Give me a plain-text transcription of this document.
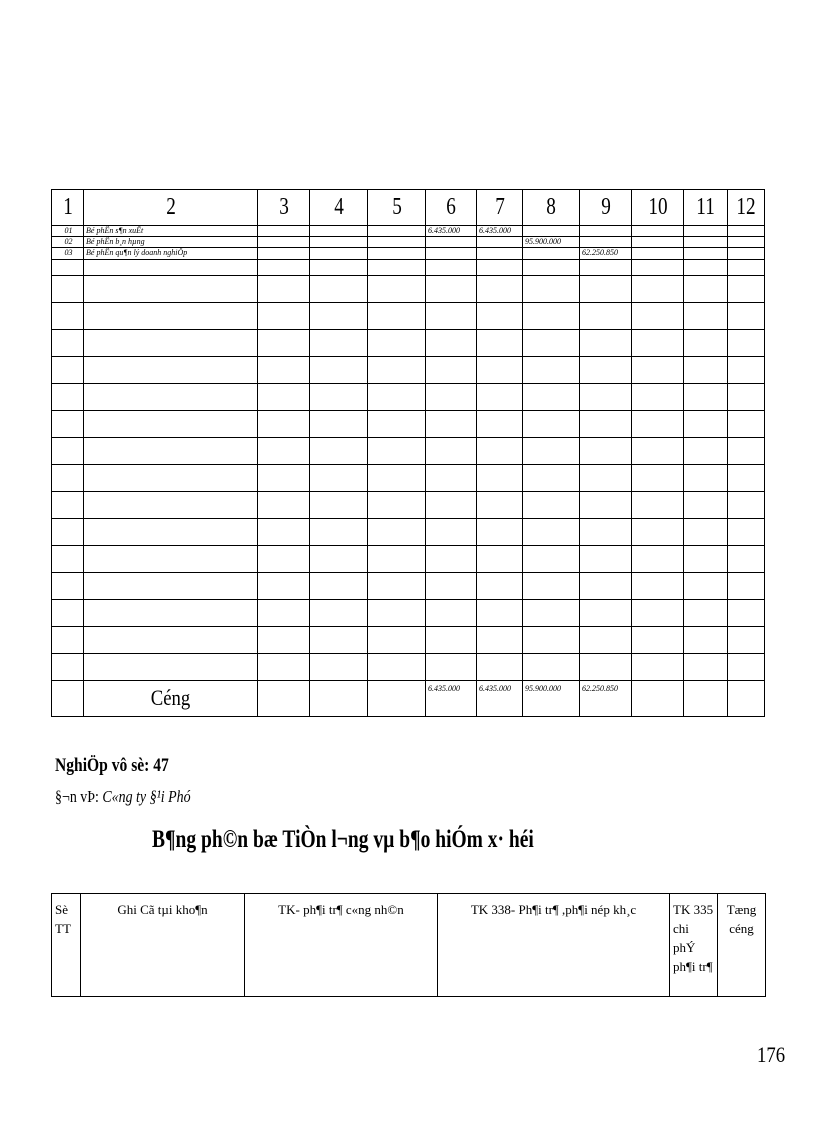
1	2	3	4	5	6	7	8	9	10	11	12

01	Bé phËn s¶n xuÊt				6.435.000	6.435.000					

02	Bé phËn b¸n hµng						95.900.000				

03	Bé phËn qu¶n lý doanh nghiÖp							62.250.850			

	Céng				6.435.000	6.435.000	95.900.000	62.250.850			

NghiÖp vô sè: 47
§¬n vÞ: C«ng ty §¹i Phó
B¶ng ph©n bæ TiÒn l¬ng vµ b¶o hiÓm x· héi
Sè TT	Ghi Cã tµi kho¶n	TK- ph¶i tr¶ c«ng nh©n	TK 338- Ph¶i tr¶ ,ph¶i nép kh¸c	TK 335 chi phÝ ph¶i tr¶	Tæng céng
176
